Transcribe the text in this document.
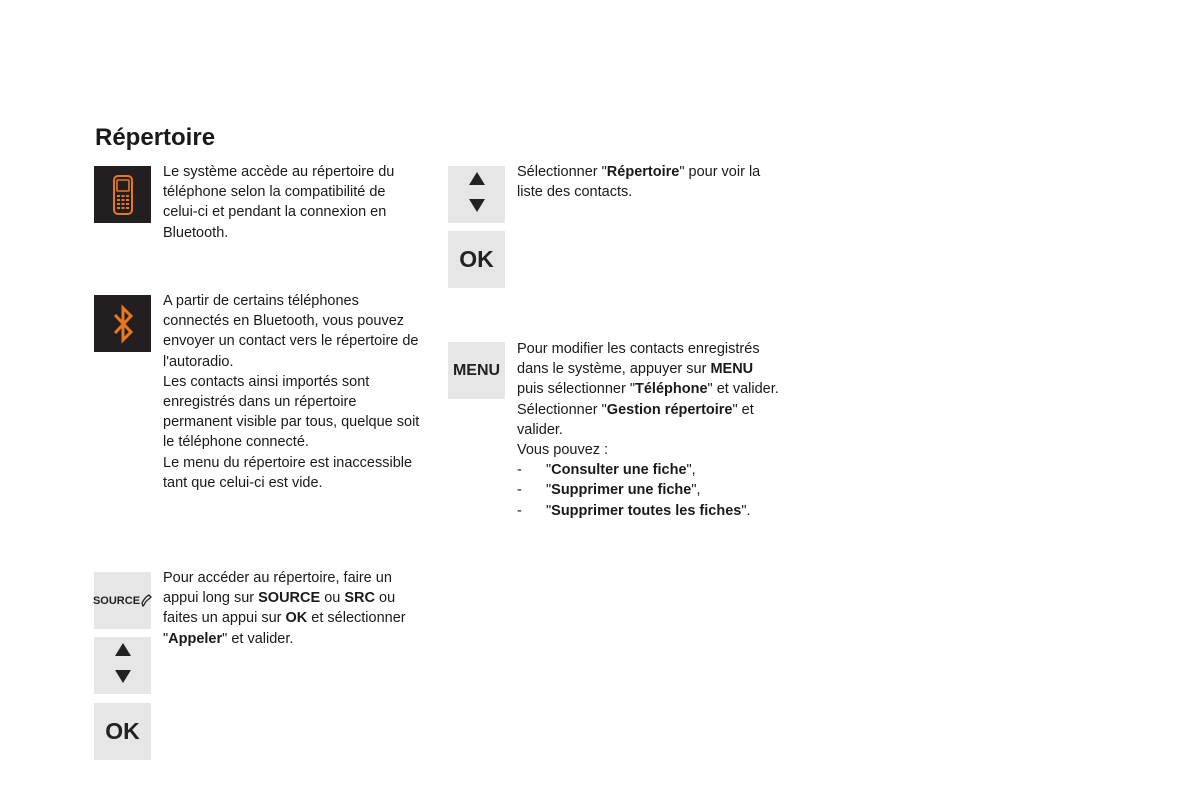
Répertoire
SOURCE
OK

Le système accède au répertoire du téléphone selon la compatibilité de celui-ci et pendant la connexion en Bluetooth.

A partir de certains téléphones connectés en Bluetooth, vous pouvez envoyer un contact vers le répertoire de l'autoradio.

Les contacts ainsi importés sont enregistrés dans un répertoire permanent visible par tous, quelque soit le téléphone connecté.

Le menu du répertoire est inaccessible tant que celui-ci est vide.

Pour accéder au répertoire, faire un appui long sur SOURCE ou SRC ou faites un appui sur OK et sélectionner "Appeler" et valider.

OK
MENU

Sélectionner "Répertoire" pour voir la liste des contacts.

Pour modifier les contacts enregistrés dans le système, appuyer sur MENU puis sélectionner "Téléphone" et valider.

Sélectionner "Gestion répertoire" et valider.

Vous pouvez :

-	"Consulter une fiche",
-	"Supprimer une fiche",
-	"Supprimer toutes les fiches".
